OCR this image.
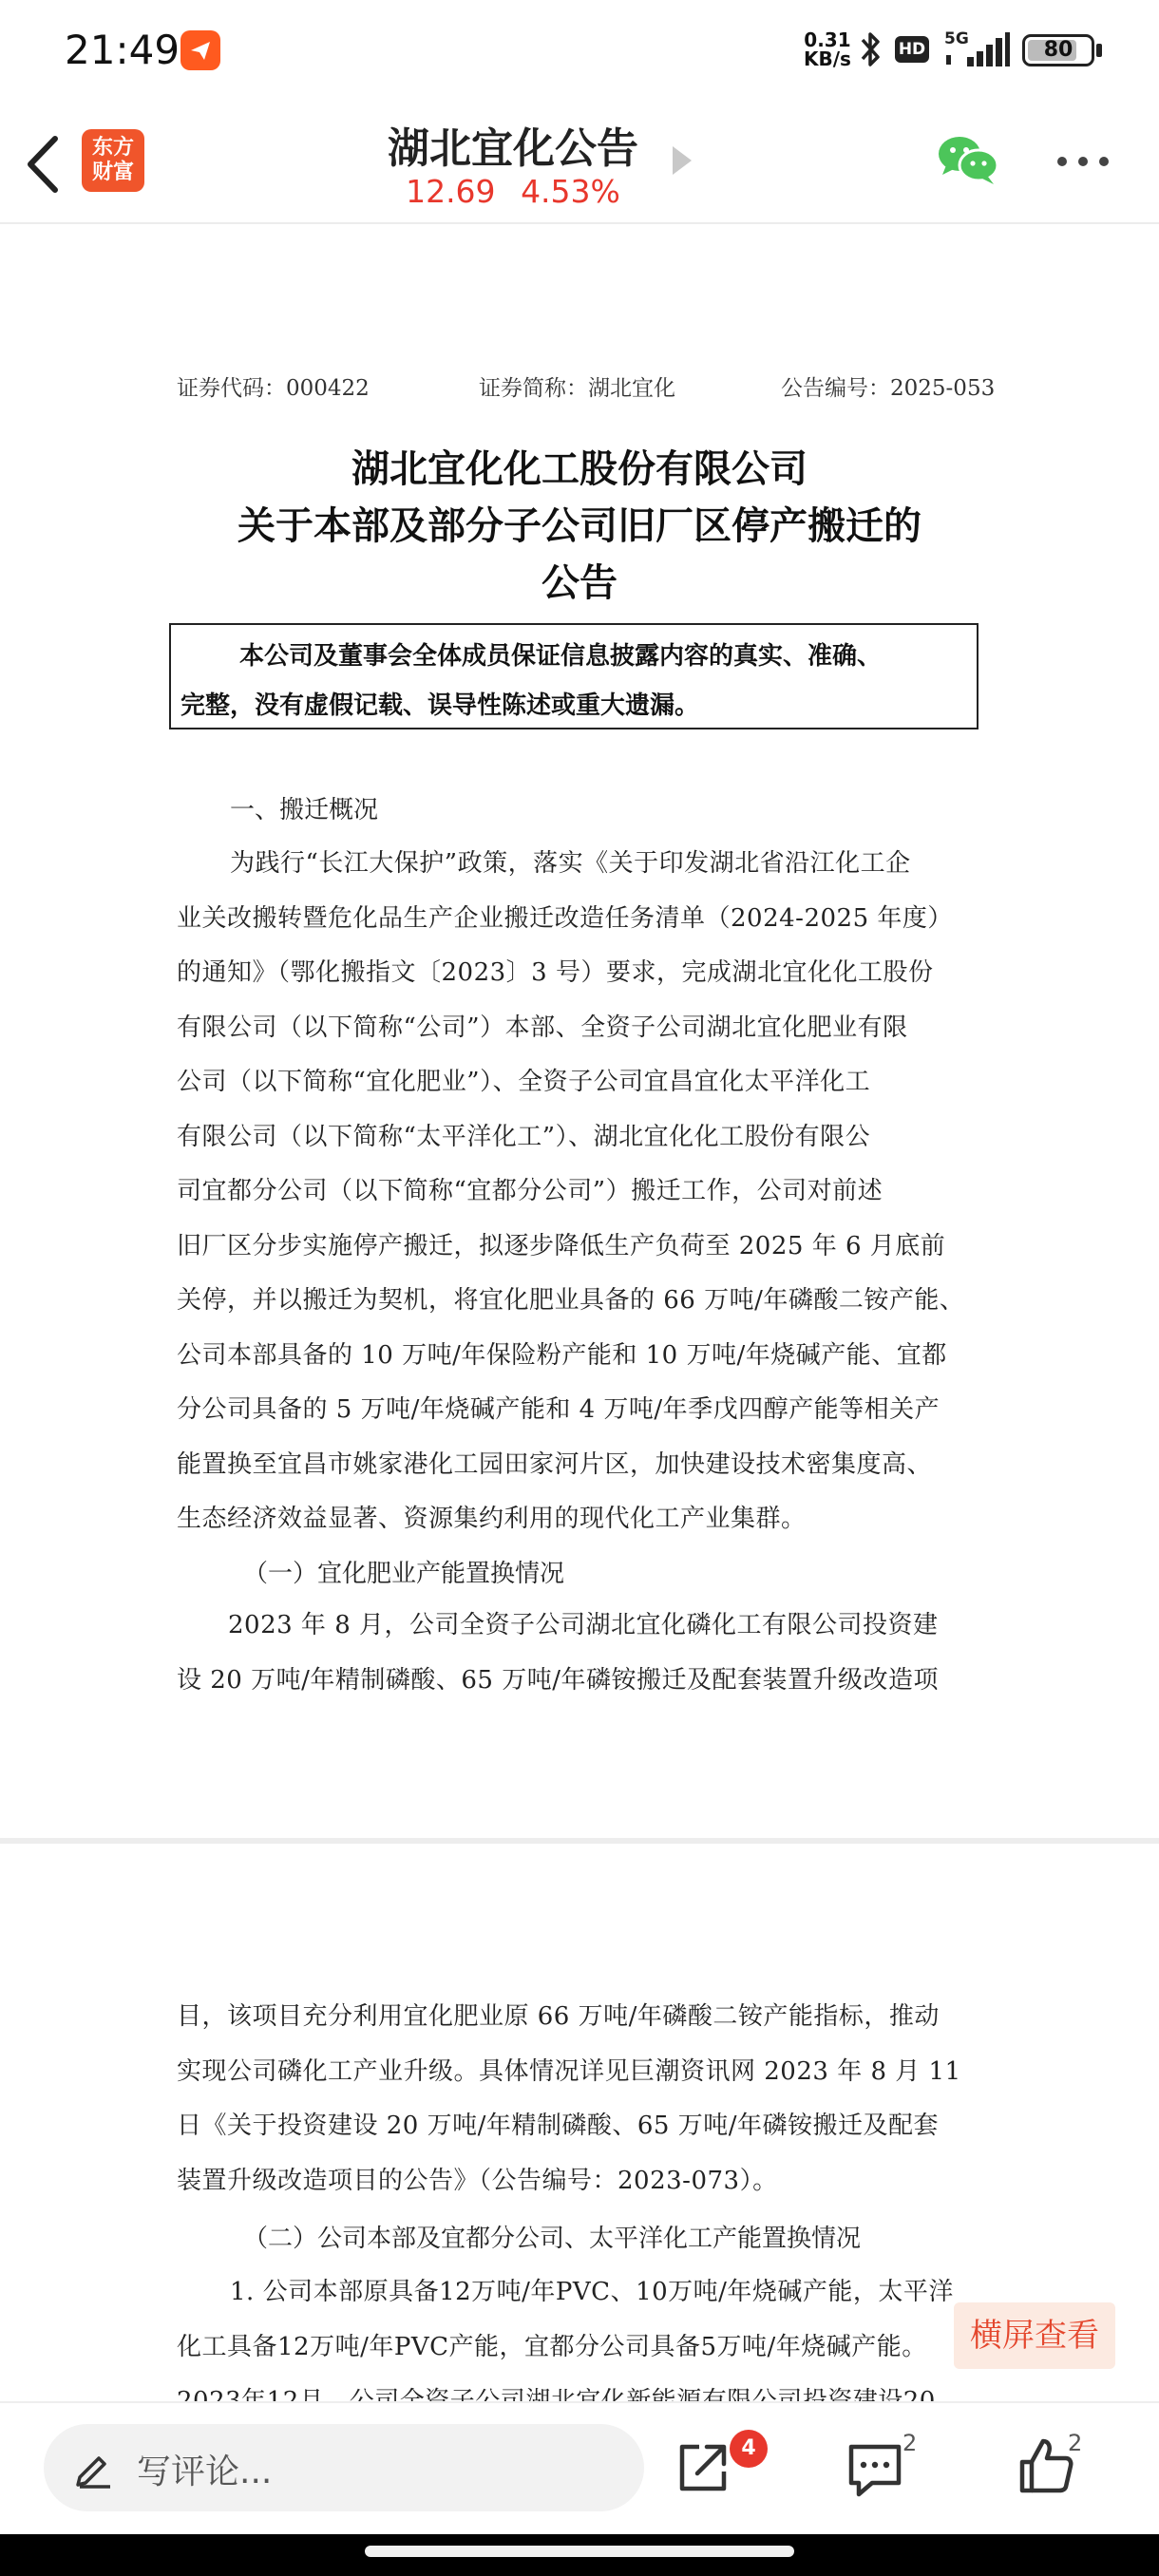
21:49	0.31
KB/s	HD
5G	80
东方
财富	湖北宜化公告
12.69 4.53%
证券代码：000422	证券简称：湖北宜化	公告编号：2025-053
湖北宜化化工股份有限公司
关于本部及部分子公司旧厂区停产搬迁的
公告
本公司及董事会全体成员保证信息披露内容的真实、准确、
完整，没有虚假记载、误导性陈述或重大遗漏。
一、搬迁概况
为践行“长江大保护”政策，落实《关于印发湖北省沿江化工企
业关改搬转暨危化品生产企业搬迁改造任务清单（2024-2025 年度）
的通知》（鄂化搬指文〔2023〕3 号）要求，完成湖北宜化化工股份
有限公司（以下简称“公司”）本部、全资子公司湖北宜化肥业有限
公司（以下简称“宜化肥业”）、全资子公司宜昌宜化太平洋化工
有限公司（以下简称“太平洋化工”）、湖北宜化化工股份有限公
司宜都分公司（以下简称“宜都分公司”）搬迁工作，公司对前述
旧厂区分步实施停产搬迁，拟逐步降低生产负荷至 2025 年 6 月底前
关停，并以搬迁为契机，将宜化肥业具备的 66 万吨/年磷酸二铵产能、
公司本部具备的 10 万吨/年保险粉产能和 10 万吨/年烧碱产能、宜都
分公司具备的 5 万吨/年烧碱产能和 4 万吨/年季戊四醇产能等相关产
能置换至宜昌市姚家港化工园田家河片区，加快建设技术密集度高、
生态经济效益显著、资源集约利用的现代化工产业集群。
（一）宜化肥业产能置换情况
2023 年 8 月，公司全资子公司湖北宜化磷化工有限公司投资建
设 20 万吨/年精制磷酸、65 万吨/年磷铵搬迁及配套装置升级改造项
目，该项目充分利用宜化肥业原 66 万吨/年磷酸二铵产能指标，推动
实现公司磷化工产业升级。具体情况详见巨潮资讯网 2023 年 8 月 11
日《关于投资建设 20 万吨/年精制磷酸、65 万吨/年磷铵搬迁及配套
装置升级改造项目的公告》（公告编号：2023-073）。
（二）公司本部及宜都分公司、太平洋化工产能置换情况
1. 公司本部原具备12万吨/年PVC、10万吨/年烧碱产能，太平洋
化工具备12万吨/年PVC产能，宜都分公司具备5万吨/年烧碱产能。	横屏查看
写评论...
4	2	2
